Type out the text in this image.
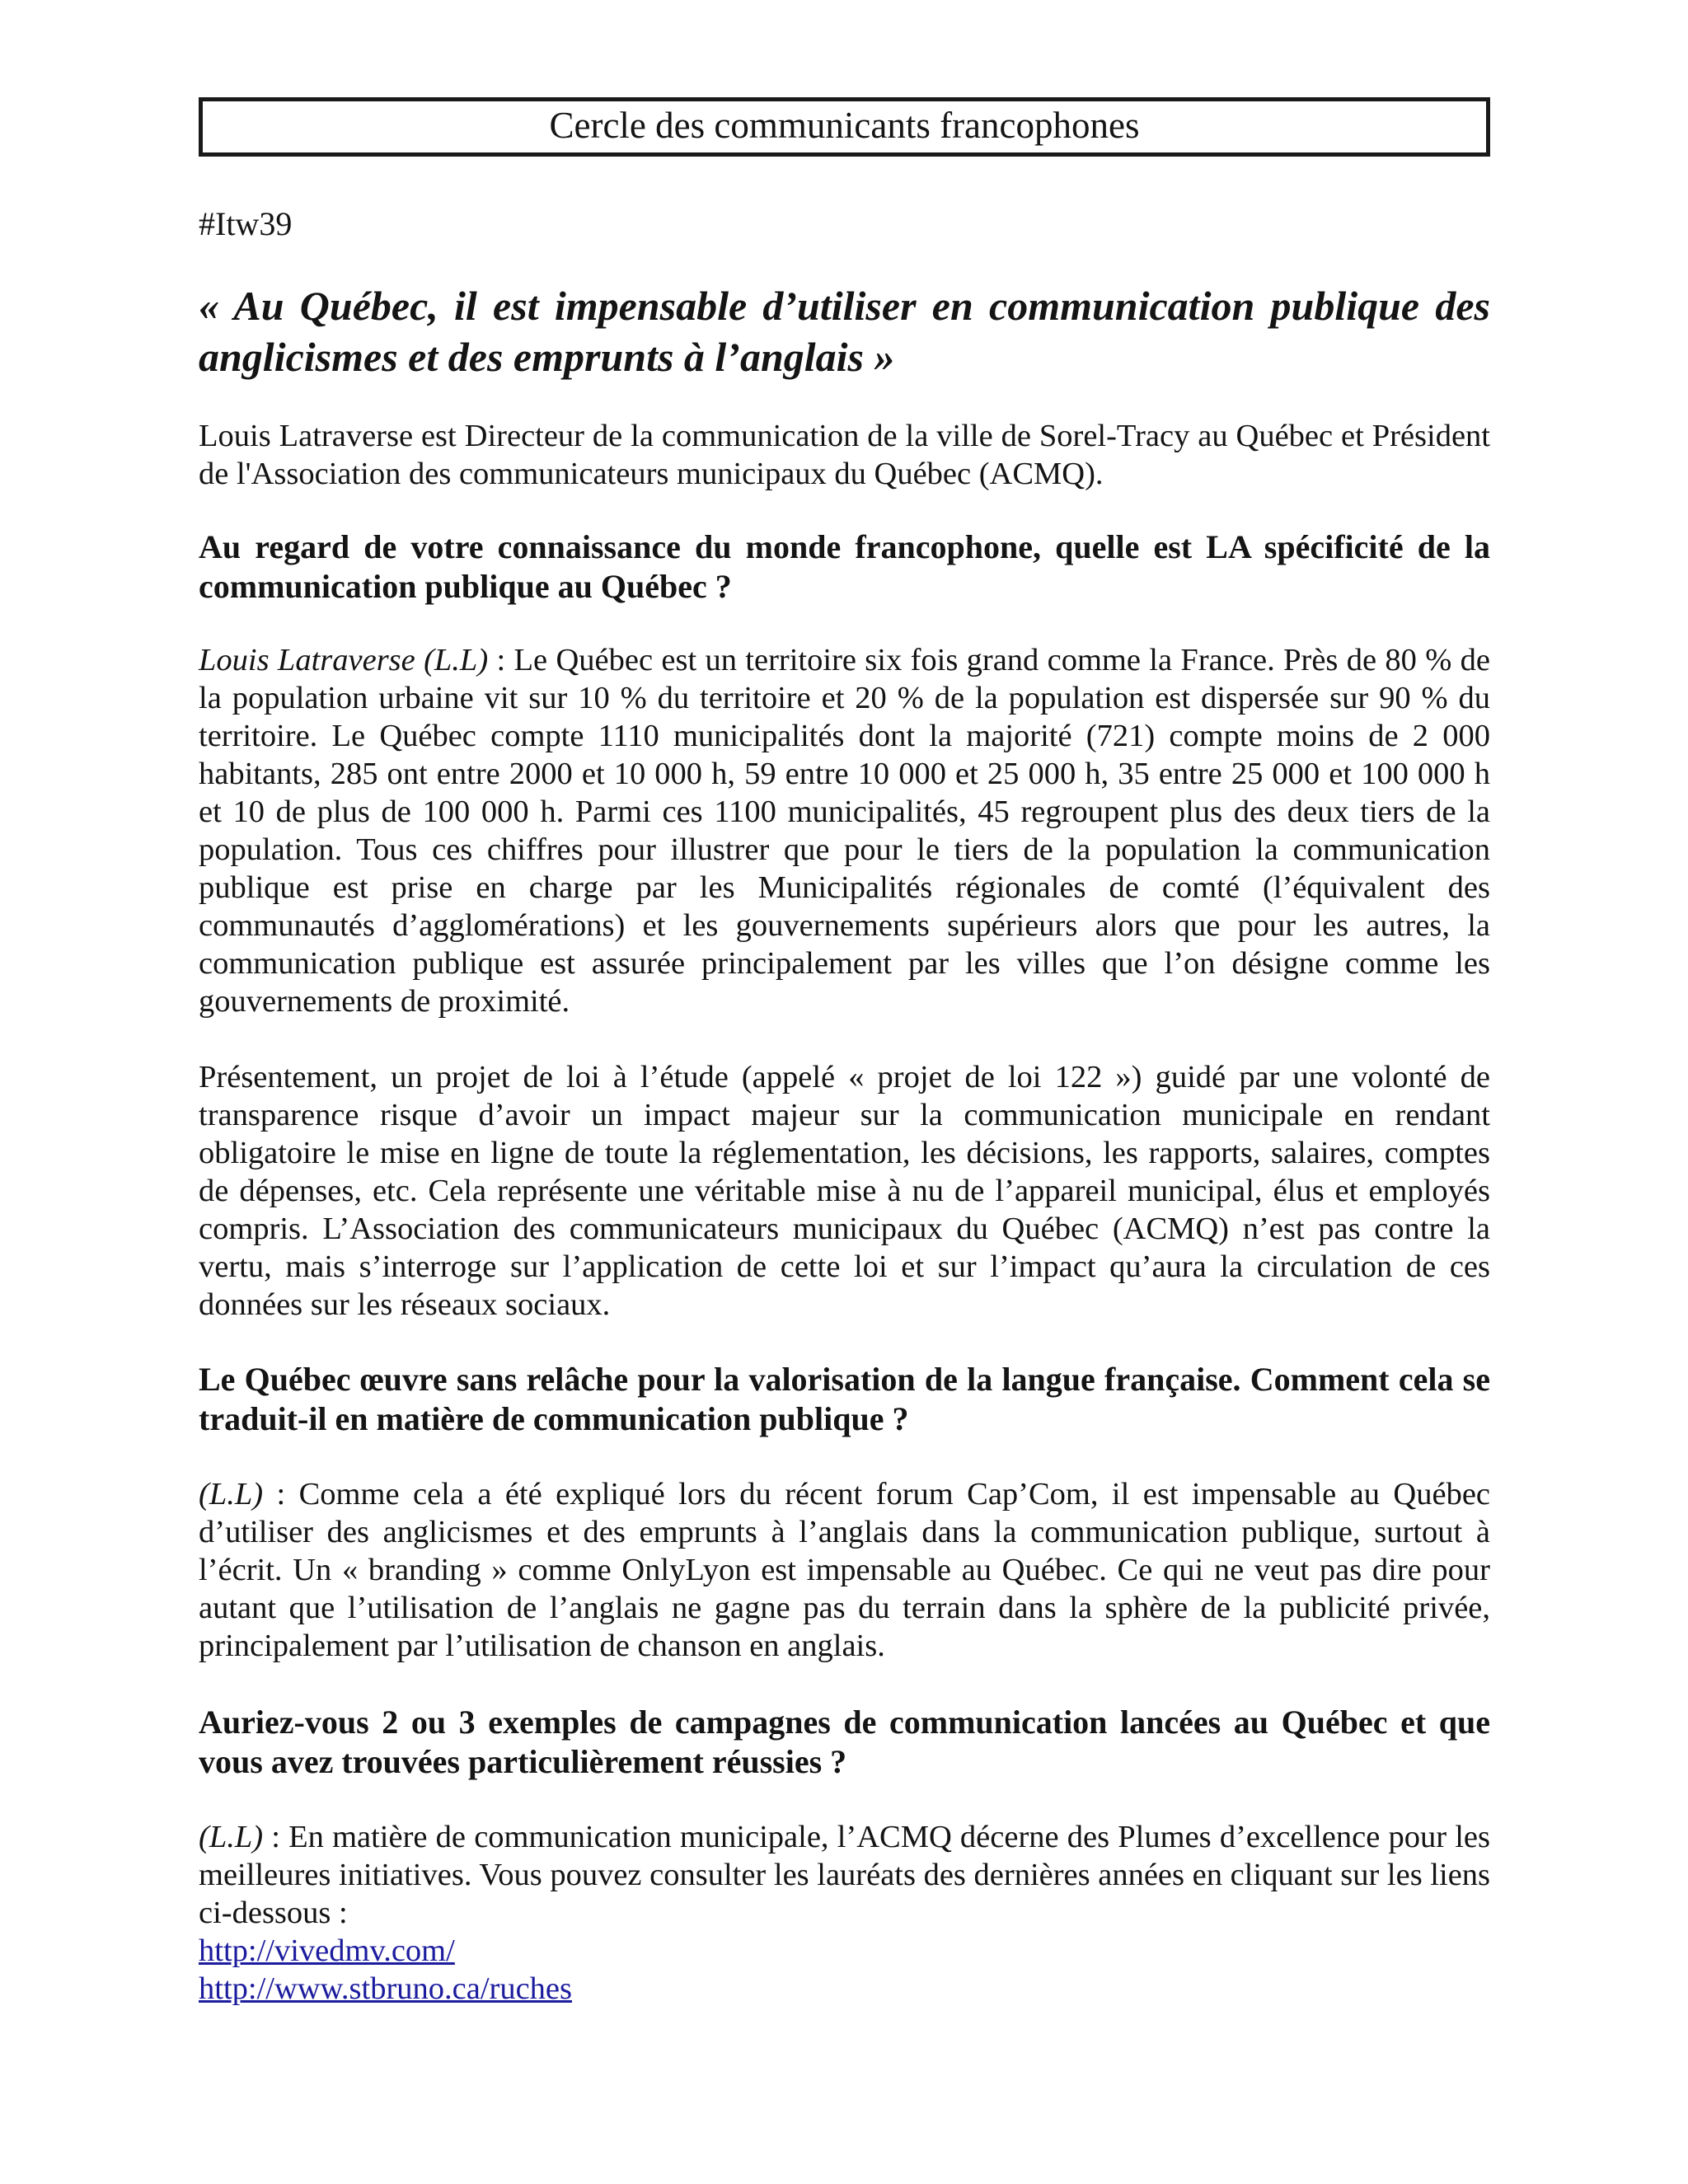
Cercle des communicants francophones
#Itw39
« Au Québec, il est impensable d’utiliser en communication publique des anglicismes et des emprunts à l’anglais »

Louis Latraverse est Directeur de la communication de la ville de Sorel-Tracy au Québec et Président de l'Association des communicateurs municipaux du Québec (ACMQ).

Au regard de votre connaissance du monde francophone, quelle est LA spécificité de la communication publique au Québec ?

Louis Latraverse (L.L) : Le Québec est un territoire six fois grand comme la France. Près de 80 % de la population urbaine vit sur 10 % du territoire et 20 % de la population est dispersée sur 90 % du territoire. Le Québec compte 1110 municipalités dont la majorité (721) compte moins de 2 000 habitants, 285 ont entre 2000 et 10 000 h, 59 entre 10 000 et 25 000 h, 35 entre 25 000 et 100 000 h et 10 de plus de 100 000 h. Parmi ces 1100 municipalités, 45 regroupent plus des deux tiers de la population. Tous ces chiffres pour illustrer que pour le tiers de la population la communication publique est prise en charge par les Municipalités régionales de comté (l’équivalent des communautés d’agglomérations) et les gouvernements supérieurs alors que pour les autres, la communication publique est assurée principalement par les villes que l’on désigne comme les gouvernements de proximité.

Présentement, un projet de loi à l’étude (appelé « projet de loi 122 ») guidé par une volonté de transparence risque d’avoir un impact majeur sur la communication municipale en rendant obligatoire le mise en ligne de toute la réglementation, les décisions, les rapports, salaires, comptes de dépenses, etc. Cela représente une véritable mise à nu de l’appareil municipal, élus et employés compris. L’Association des communicateurs municipaux du Québec (ACMQ) n’est pas contre la vertu, mais s’interroge sur l’application de cette loi et sur l’impact qu’aura la circulation de ces données sur les réseaux sociaux.

Le Québec œuvre sans relâche pour la valorisation de la langue française. Comment cela se traduit-il en matière de communication publique ?

(L.L) : Comme cela a été expliqué lors du récent forum Cap’Com, il est impensable au Québec d’utiliser des anglicismes et des emprunts à l’anglais dans la communication publique, surtout à l’écrit. Un « branding » comme OnlyLyon est impensable au Québec. Ce qui ne veut pas dire pour autant que l’utilisation de l’anglais ne gagne pas du terrain dans la sphère de la publicité privée, principalement par l’utilisation de chanson en anglais.

Auriez-vous 2 ou 3 exemples de campagnes de communication lancées au Québec et que vous avez trouvées particulièrement réussies ?

(L.L) : En matière de communication municipale, l’ACMQ décerne des Plumes d’excellence pour les meilleures initiatives. Vous pouvez consulter les lauréats des dernières années en cliquant sur les liens ci-dessous :

http://vivedmv.com/
http://www.stbruno.ca/ruches
